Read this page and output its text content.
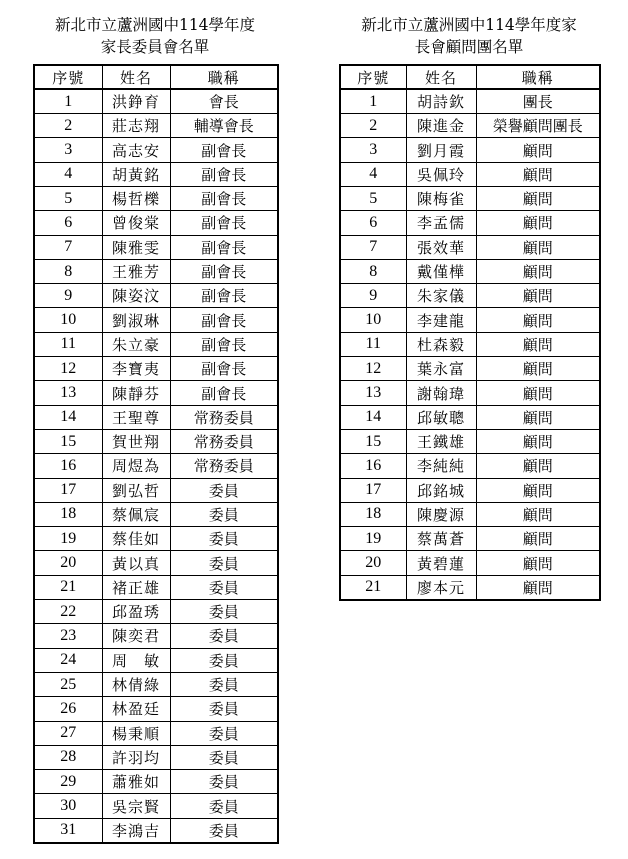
新北市立蘆洲國中114學年度
家長委員會名單
新北市立蘆洲國中114學年度家
長會顧問團名單
序號	姓名	職稱
1	洪錚育	會長
2	莊志翔	輔導會長
3	高志安	副會長
4	胡黃銘	副會長
5	楊哲櫟	副會長
6	曾俊棠	副會長
7	陳雅雯	副會長
8	王雅芳	副會長
9	陳姿汶	副會長
10	劉淑琳	副會長
11	朱立豪	副會長
12	李寶夷	副會長
13	陳靜芬	副會長
14	王聖尊	常務委員
15	賀世翔	常務委員
16	周煜為	常務委員
17	劉弘哲	委員
18	蔡佩宸	委員
19	蔡佳如	委員
20	黃以真	委員
21	褚正雄	委員
22	邱盈琇	委員
23	陳奕君	委員
24	周　敏	委員
25	林倩綠	委員
26	林盈廷	委員
27	楊秉順	委員
28	許羽均	委員
29	蕭雅如	委員
30	吳宗賢	委員
31	李鴻吉	委員
序號	姓名	職稱
1	胡詩欽	團長
2	陳進金	榮譽顧問團長
3	劉月霞	顧問
4	吳佩玲	顧問
5	陳梅雀	顧問
6	李孟儒	顧問
7	張效華	顧問
8	戴僅樺	顧問
9	朱家儀	顧問
10	李建龍	顧問
11	杜森毅	顧問
12	葉永富	顧問
13	謝翰瑋	顧問
14	邱敏聰	顧問
15	王鐵雄	顧問
16	李純純	顧問
17	邱銘城	顧問
18	陳慶源	顧問
19	蔡萬蒼	顧問
20	黃碧蓮	顧問
21	廖本元	顧問
